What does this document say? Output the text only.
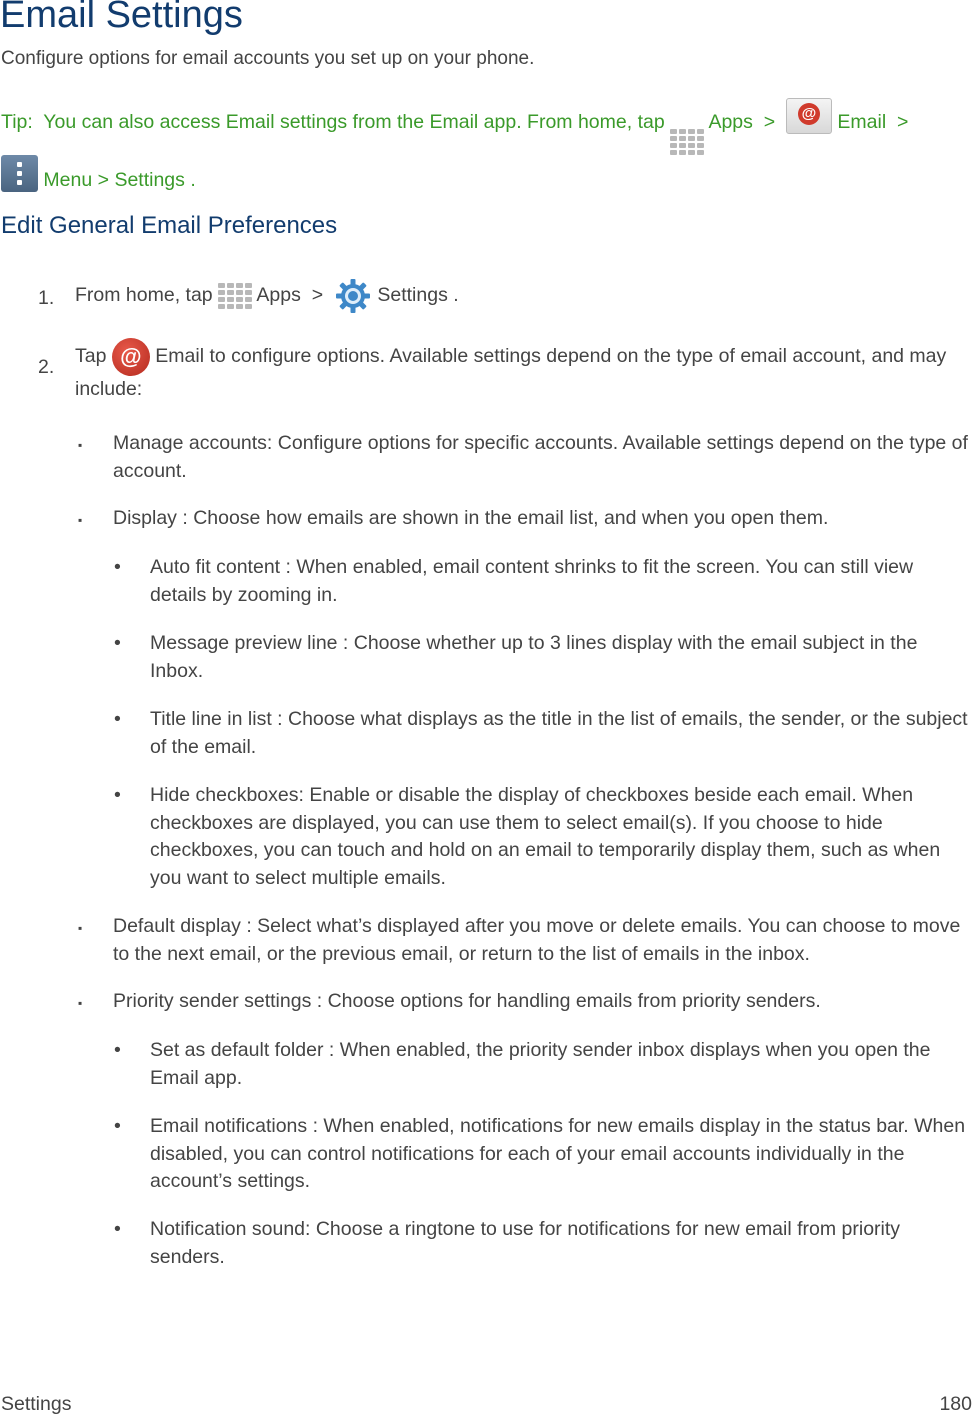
Email Settings
Configure options for email accounts you set up on your phone.
Tip: You can also access Email settings from the Email app. From home, tap Apps > @ Email >

Menu > Settings .
Edit General Email Preferences
1. From home, tap Apps >	Settings .
2. Tap @ Email to configure options. Available settings depend on the type of email account, and may include:
▪ Manage accounts: Configure options for specific accounts. Available settings depend on the type of account.
▪ Display : Choose how emails are shown in the email list, and when you open them.
• Auto fit content : When enabled, email content shrinks to fit the screen. You can still view details by zooming in.
• Message preview line : Choose whether up to 3 lines display with the email subject in the Inbox.
• Title line in list : Choose what displays as the title in the list of emails, the sender, or the subject of the email.
• Hide checkboxes: Enable or disable the display of checkboxes beside each email. When checkboxes are displayed, you can use them to select email(s). If you choose to hide checkboxes, you can touch and hold on an email to temporarily display them, such as when you want to select multiple emails.
▪ Default display : Select what’s displayed after you move or delete emails. You can choose to move to the next email, or the previous email, or return to the list of emails in the inbox.
▪ Priority sender settings : Choose options for handling emails from priority senders.
• Set as default folder : When enabled, the priority sender inbox displays when you open the Email app.
• Email notifications : When enabled, notifications for new emails display in the status bar. When disabled, you can control notifications for each of your email accounts individually in the account’s settings.
• Notification sound: Choose a ringtone to use for notifications for new email from priority senders.
Settings	180
